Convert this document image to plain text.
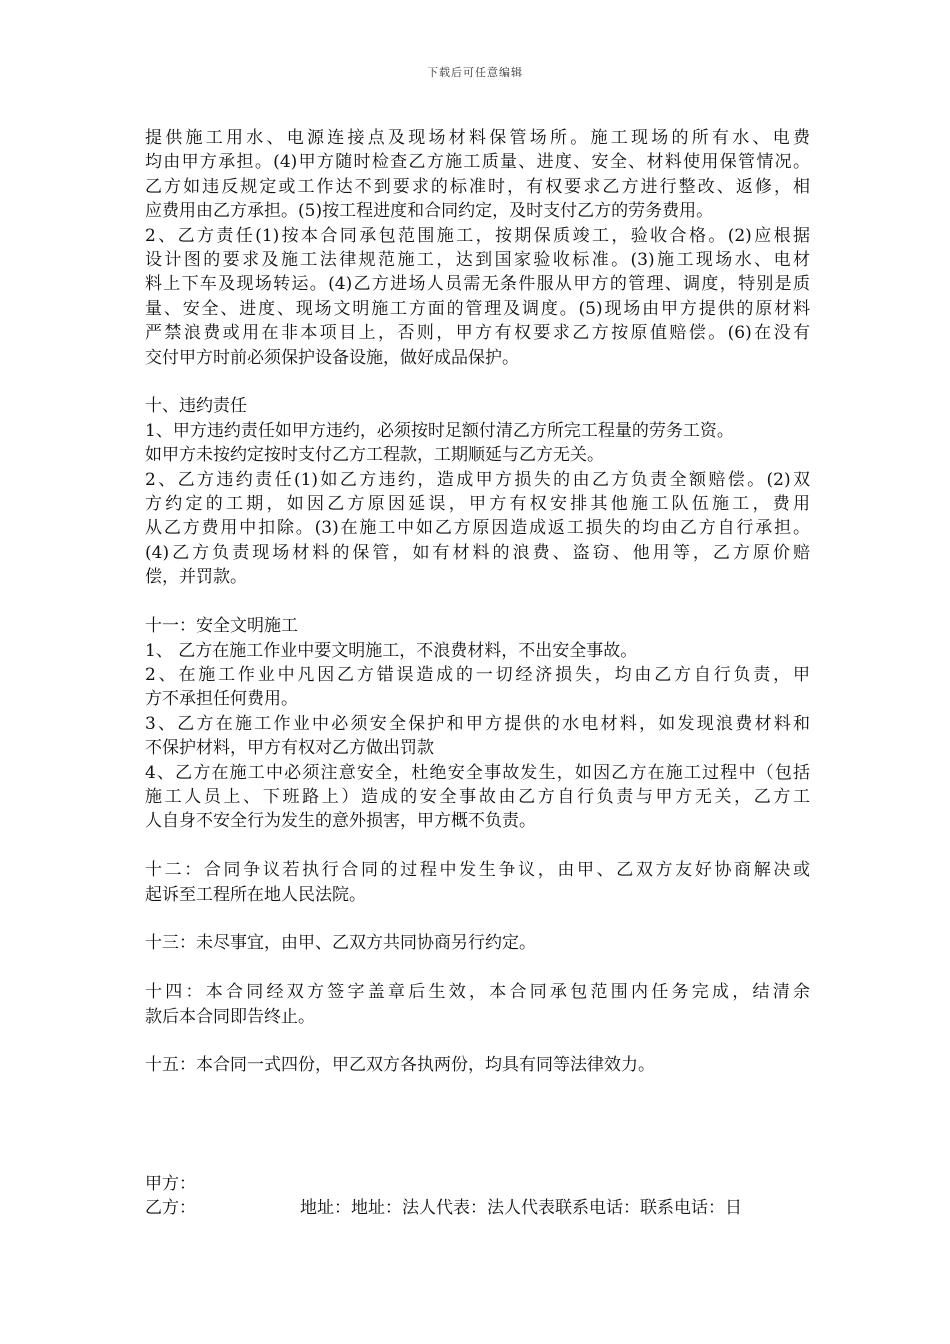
下载后可任意编辑
提供施工用水、电源连接点及现场材料保管场所。施工现场的所有水、电费
均由甲方承担。(4)甲方随时检查乙方施工质量、进度、安全、材料使用保管情况。
乙方如违反规定或工作达不到要求的标准时，有权要求乙方进行整改、返修，相
应费用由乙方承担。(5)按工程进度和合同约定，及时支付乙方的劳务费用。
2、乙方责任(1)按本合同承包范围施工，按期保质竣工，验收合格。(2)应根据
设计图的要求及施工法律规范施工，达到国家验收标准。(3)施工现场水、电材
料上下车及现场转运。(4)乙方进场人员需无条件服从甲方的管理、调度，特别是质
量、安全、进度、现场文明施工方面的管理及调度。(5)现场由甲方提供的原材料
严禁浪费或用在非本项目上，否则，甲方有权要求乙方按原值赔偿。(6)在没有
交付甲方时前必须保护设备设施，做好成品保护。
十、违约责任
1、甲方违约责任如甲方违约，必须按时足额付清乙方所完工程量的劳务工资。
如甲方未按约定按时支付乙方工程款，工期顺延与乙方无关。
2、乙方违约责任(1)如乙方违约，造成甲方损失的由乙方负责全额赔偿。(2)双
方约定的工期，如因乙方原因延误，甲方有权安排其他施工队伍施工，费用
从乙方费用中扣除。(3)在施工中如乙方原因造成返工损失的均由乙方自行承担。
(4)乙方负责现场材料的保管，如有材料的浪费、盗窃、他用等，乙方原价赔
偿，并罚款。
十一：安全文明施工
1、 乙方在施工作业中要文明施工，不浪费材料，不出安全事故。
2、在施工作业中凡因乙方错误造成的一切经济损失，均由乙方自行负责，甲
方不承担任何费用。
3、乙方在施工作业中必须安全保护和甲方提供的水电材料，如发现浪费材料和
不保护材料，甲方有权对乙方做出罚款
4、乙方在施工中必须注意安全，杜绝安全事故发生，如因乙方在施工过程中（包括
施工人员上、下班路上）造成的安全事故由乙方自行负责与甲方无关，乙方工
人自身不安全行为发生的意外损害，甲方概不负责。
十二：合同争议若执行合同的过程中发生争议，由甲、乙双方友好协商解决或
起诉至工程所在地人民法院。
十三：未尽事宜，由甲、乙双方共同协商另行约定。
十四：本合同经双方签字盖章后生效，本合同承包范围内任务完成，结清余
款后本合同即告终止。
十五：本合同一式四份，甲乙双方各执两份，均具有同等法律效力。
甲方：
乙方：	地址：地址：法人代表：法人代表联系电话：联系电话：日
